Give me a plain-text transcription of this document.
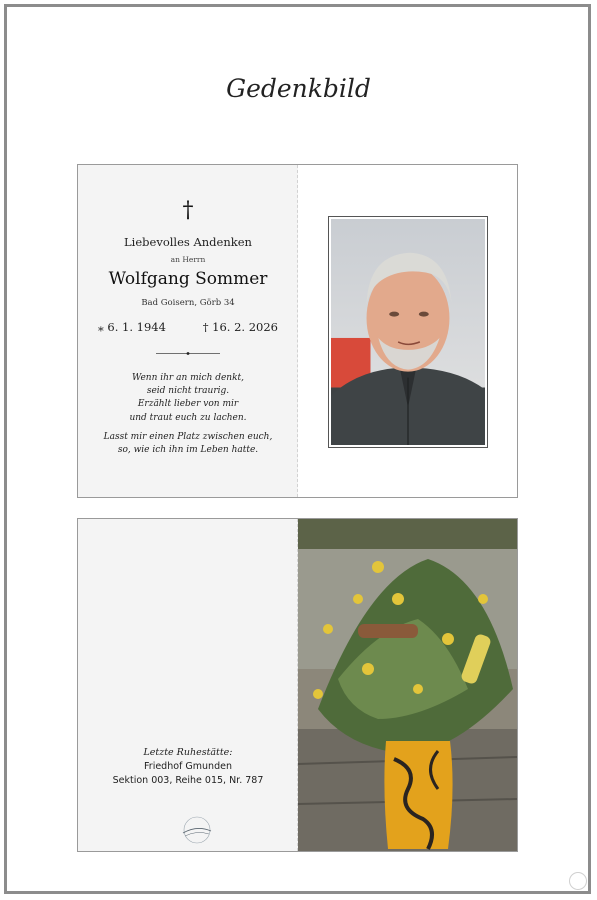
Gedenkbild
†
Liebevolles Andenken
an Herrn
Wolfgang Sommer
Bad Goisern, Görb 34
⁎ 6. 1. 1944	† 16. 2. 2026
Wenn ihr an mich denkt,
seid nicht traurig.
Erzählt lieber von mir
und traut euch zu lachen.
Lasst mir einen Platz zwischen euch,
so, wie ich ihn im Leben hatte.
Letzte Ruhestätte:
Friedhof Gmunden
Sektion 003, Reihe 015, Nr. 787
